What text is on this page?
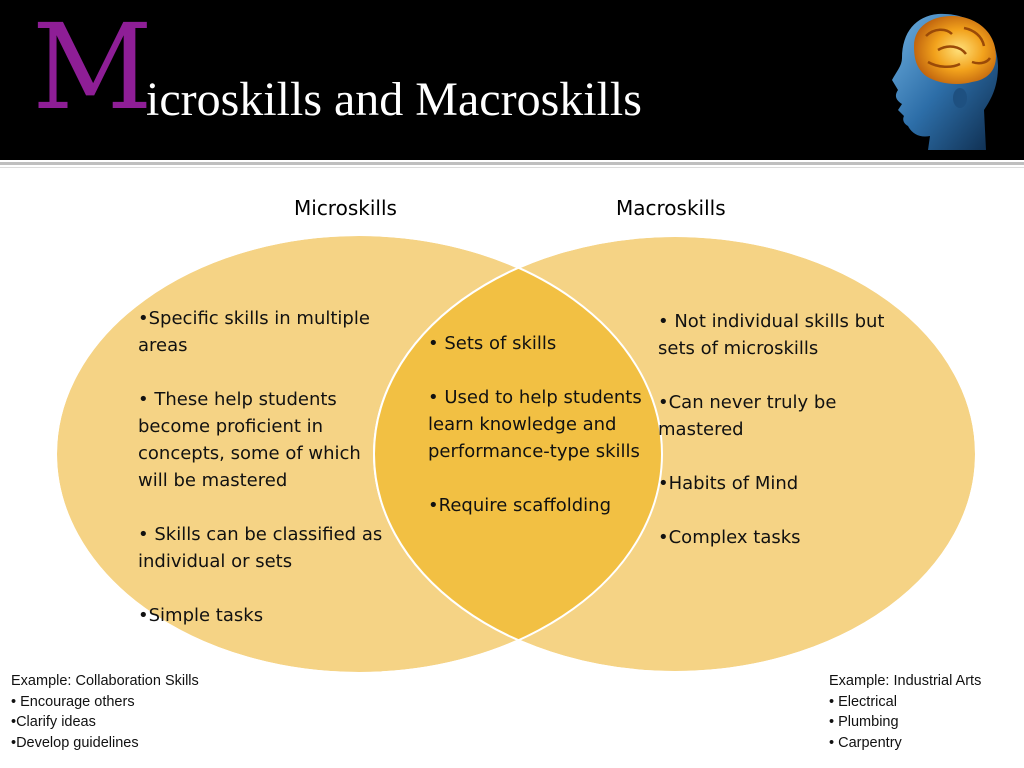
M
icroskills and Macroskills
Microskills	Macroskills

•Specific skills in multiple areas

• These help students become proficient in concepts, some of which will be mastered

• Skills can be classified as individual or sets

•Simple tasks

• Sets of skills

• Used to help students learn knowledge and performance-type skills

•Require scaffolding

• Not individual skills but sets of microskills

•Can never truly be mastered

•Habits of Mind

•Complex tasks

Example: Collaboration Skills
• Encourage others
•Clarify ideas
•Develop guidelines
Example: Industrial Arts
• Electrical
• Plumbing
• Carpentry
